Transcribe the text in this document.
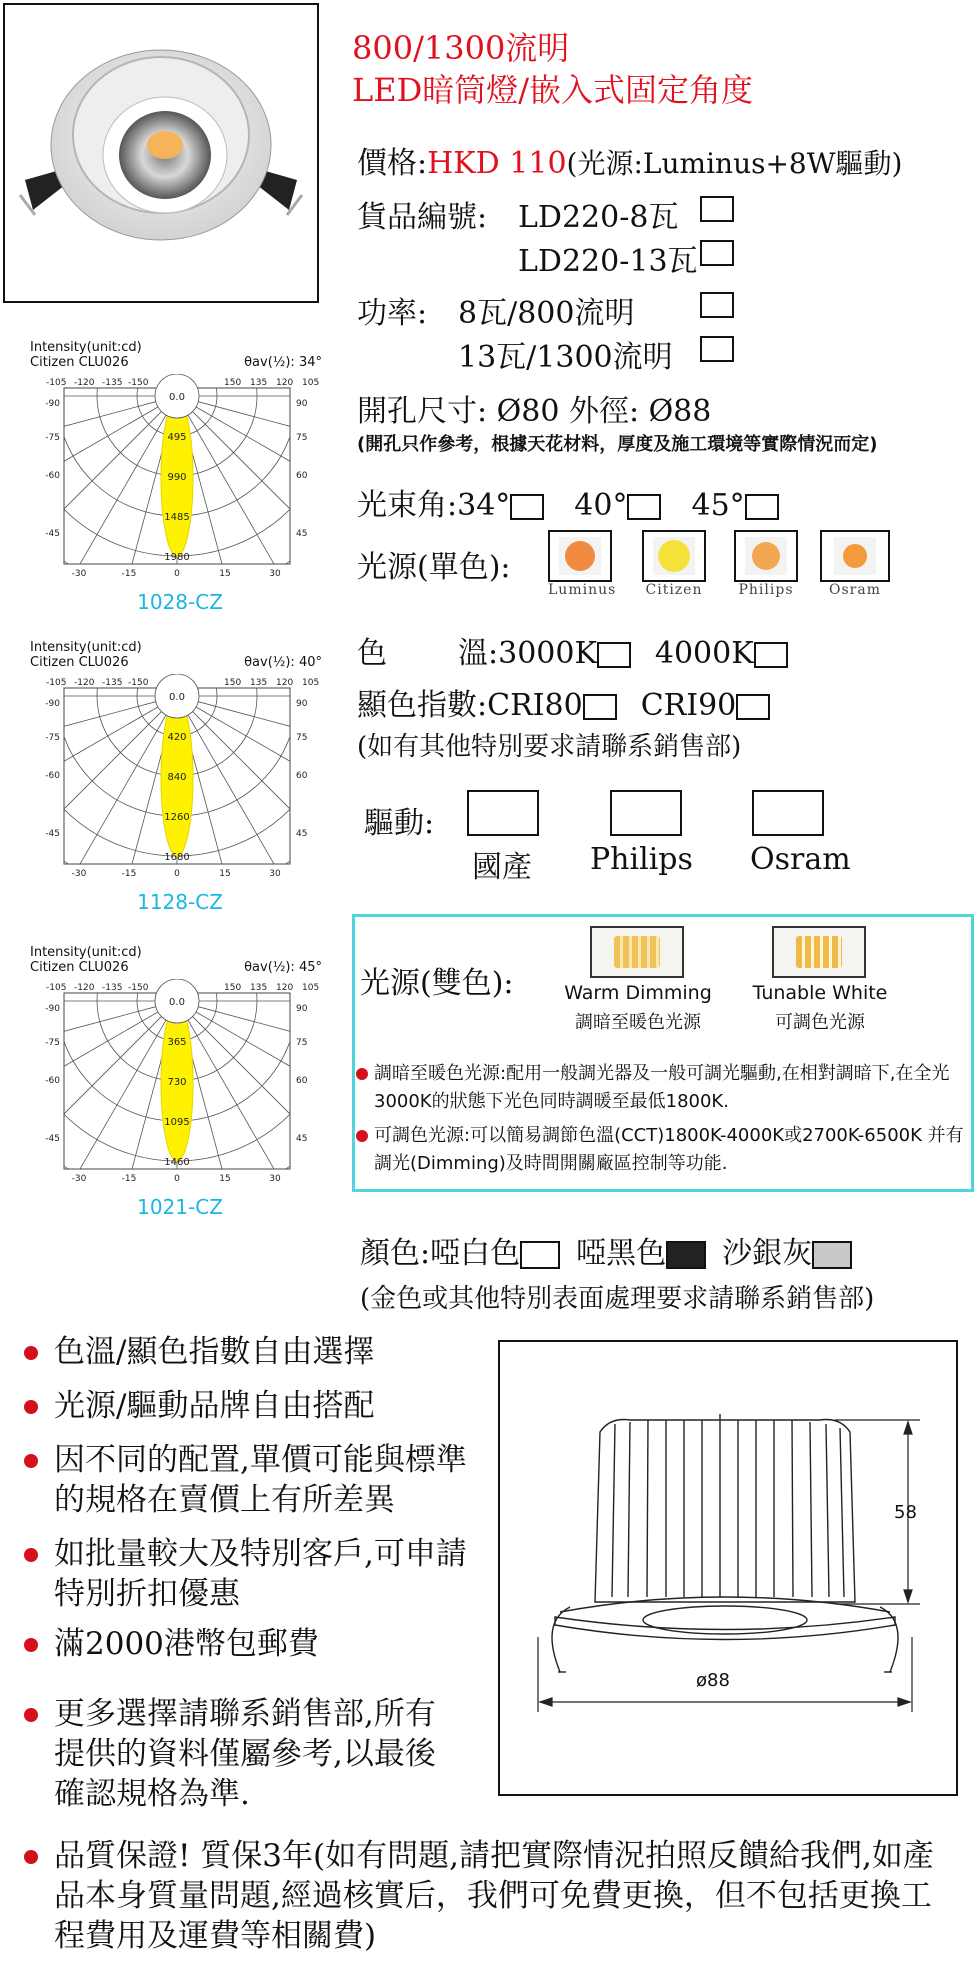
800/1300流明
LED暗筒燈/嵌入式固定角度
價格:HKD 110(光源:Luminus+8W驅動)
貨品編號: LD220-8瓦
LD220-13瓦
功率: 8瓦/800流明
13瓦/1300流明
開孔尺寸: Ø80 外徑: Ø88
(開孔只作參考，根據天花材料，厚度及施工環境等實際情況而定)
光束角:34° 40° 45°
光源(單色):
Luminus Citizen	Philips	Osram
色 溫:3000K 4000K
顯色指數:CRI80 CRI90
(如有其他特別要求請聯系銷售部)
驅動:
國產 Philips Osram
光源(雙色):	Warm Dimming
調暗至暖色光源
Tunable White
可調色光源
調暗至暖色光源:配用一般調光器及一般可調光驅動,在相對調暗下,在全光3000K的狀態下光色同時調暖至最低1800K.
可調色光源:可以簡易調節色溫(CCT)1800K-4000K或2700K-6500K 并有調光(Dimming)及時間開關廠區控制等功能.
顏色:啞白色 啞黑色 沙銀灰
(金色或其他特別表面處理要求請聯系銷售部)
Intensity(unit:cd)
Citizen CLU026	θav(½): 34°
0.0
495
990
1485
1980
-105 -120 -135 -150	150 135 120 105
-90
-75
-60
-45
90
75
60
45
-30	-15	0	15	30
1028-CZ
Intensity(unit:cd)
Citizen CLU026	θav(½): 40°
0.0
420
840
1260
1680
-105 -120 -135 -150	150 135 120 105
-90
-75
-60
-45
90
75
60
45
-30	-15	0	15	30
1128-CZ
Intensity(unit:cd)
Citizen CLU026	θav(½): 45°
0.0
365
730
1095
1460
-105 -120 -135 -150	150 135 120 105
-90
-75
-60
-45
90
75
60
45
-30	-15	0	15	30
1021-CZ
色溫/顯色指數自由選擇
光源/驅動品牌自由搭配
因不同的配置,單價可能與標準的規格在賣價上有所差異
如批量較大及特別客戶,可申請特別折扣優惠
滿2000港幣包郵費
更多選擇請聯系銷售部,所有提供的資料僅屬參考,以最後確認規格為準.
品質保證! 質保3年(如有問題,請把實際情況拍照反饋給我們,如產品本身質量問題,經過核實后，我們可免費更換，但不包括更換工程費用及運費等相關費)
58
ø88
